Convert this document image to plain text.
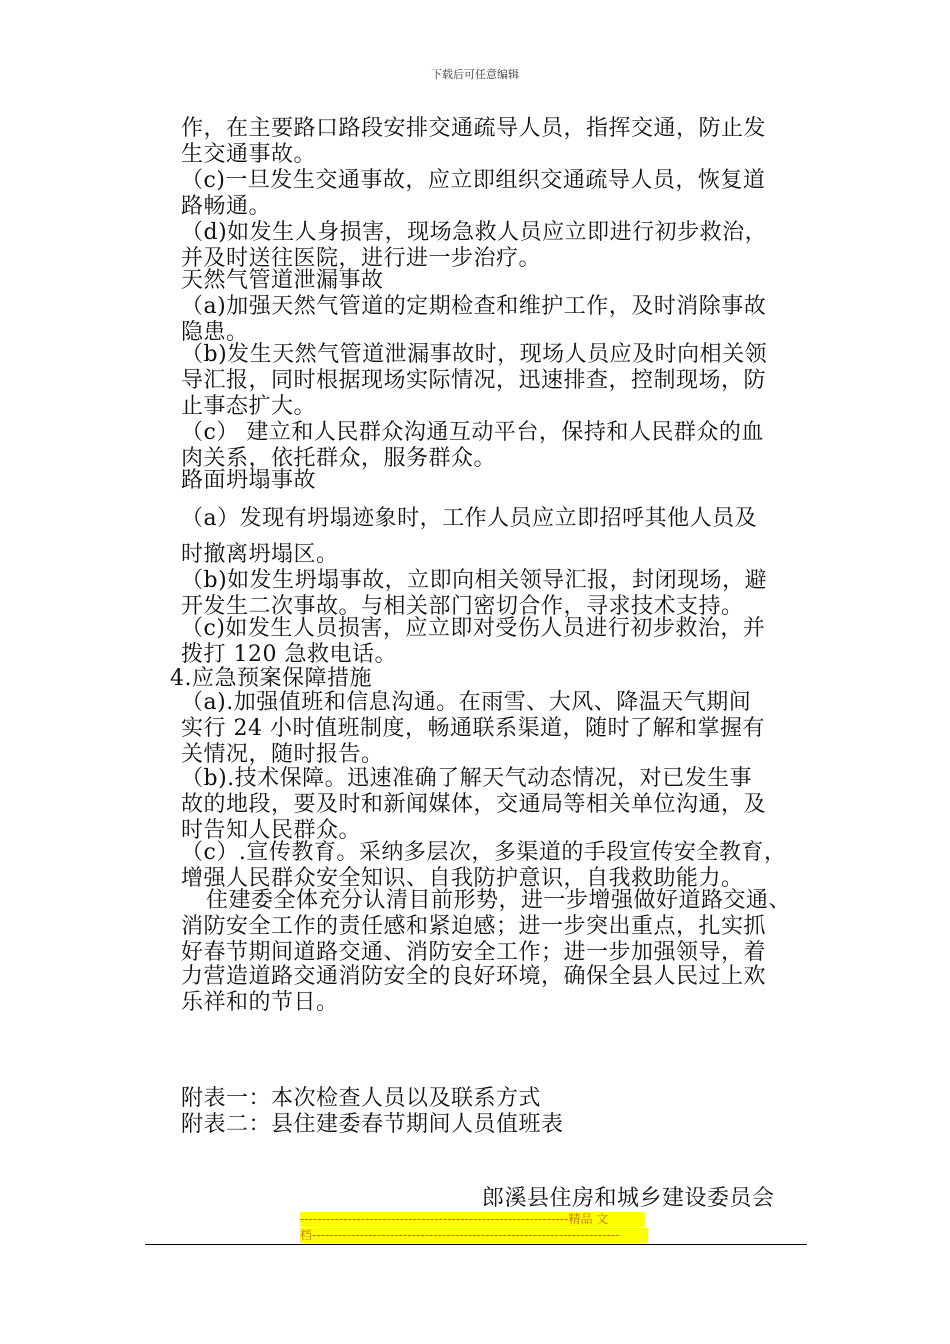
下载后可任意编辑
作，在主要路口路段安排交通疏导人员，指挥交通，防止发
生交通事故。
（c)一旦发生交通事故，应立即组织交通疏导人员，恢复道
路畅通。
（d)如发生人身损害，现场急救人员应立即进行初步救治，
并及时送往医院，进行进一步治疗。
天然气管道泄漏事故
（a)加强天然气管道的定期检查和维护工作，及时消除事故
隐患。
（b)发生天然气管道泄漏事故时，现场人员应及时向相关领
导汇报，同时根据现场实际情况，迅速排查，控制现场，防
止事态扩大。
（c） 建立和人民群众沟通互动平台，保持和人民群众的血
肉关系，依托群众，服务群众。
路面坍塌事故
（a）发现有坍塌迹象时，工作人员应立即招呼其他人员及
时撤离坍塌区。
（b)如发生坍塌事故，立即向相关领导汇报，封闭现场，避
开发生二次事故。与相关部门密切合作，寻求技术支持。
（c)如发生人员损害，应立即对受伤人员进行初步救治，并
拨打 120 急救电话。
4.应急预案保障措施
（a).加强值班和信息沟通。在雨雪、大风、降温天气期间
实行 24 小时值班制度，畅通联系渠道，随时了解和掌握有
关情况，随时报告。
（b).技术保障。迅速准确了解天气动态情况，对已发生事
故的地段，要及时和新闻媒体，交通局等相关单位沟通，及
时告知人民群众。
（c）.宣传教育。采纳多层次，多渠道的手段宣传安全教育，
增强人民群众安全知识、自我防护意识，自我救助能力。
住建委全体充分认清目前形势，进一步增强做好道路交通、
消防安全工作的责任感和紧迫感；进一步突出重点，扎实抓
好春节期间道路交通、消防安全工作；进一步加强领导，着
力营造道路交通消防安全的良好环境，确保全县人民过上欢
乐祥和的节日。
附表一：本次检查人员以及联系方式
附表二：县住建委春节期间人员值班表
郎溪县住房和城乡建设委员会
--------------------------------------------------------------精品 文
档-----------------------------------------------------------------------
